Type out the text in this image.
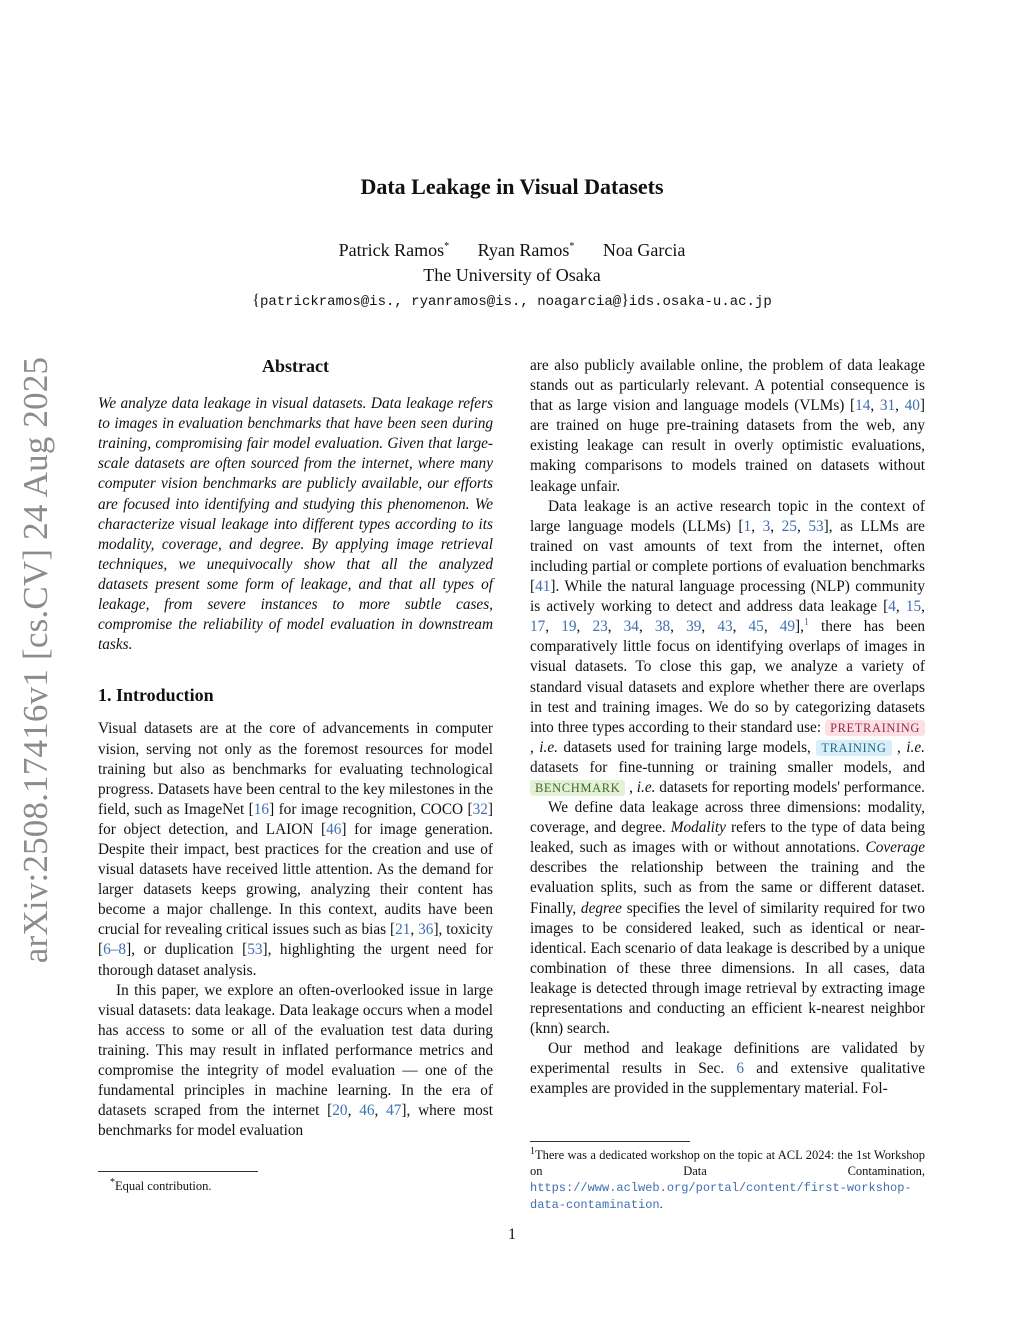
arXiv:2508.17416v1 [cs.CV] 24 Aug 2025
Data Leakage in Visual Datasets
Patrick Ramos* Ryan Ramos* Noa Garcia
The University of Osaka
{patrickramos@is., ryanramos@is., noagarcia@}ids.osaka-u.ac.jp
Abstract

We analyze data leakage in visual datasets. Data leakage refers to images in evaluation benchmarks that have been seen during training, compromising fair model evaluation. Given that large-scale datasets are often sourced from the internet, where many computer vision benchmarks are publicly available, our efforts are focused into identifying and studying this phenomenon. We characterize visual leakage into different types according to its modality, coverage, and degree. By applying image retrieval techniques, we unequivocally show that all the analyzed datasets present some form of leakage, and that all types of leakage, from severe instances to more subtle cases, compromise the reliability of model evaluation in downstream tasks.

1. Introduction

Visual datasets are at the core of advancements in computer vision, serving not only as the foremost resources for model training but also as benchmarks for evaluating technological progress. Datasets have been central to the key milestones in the field, such as ImageNet [16] for image recognition, COCO [32] for object detection, and LAION [46] for image generation. Despite their impact, best practices for the creation and use of visual datasets have received little attention. As the demand for larger datasets keeps growing, analyzing their content has become a major challenge. In this context, audits have been crucial for revealing critical issues such as bias [21, 36], toxicity [6–8], or duplication [53], highlighting the urgent need for thorough dataset analysis.

In this paper, we explore an often-overlooked issue in large visual datasets: data leakage. Data leakage occurs when a model has access to some or all of the evaluation test data during training. This may result in inflated performance metrics and compromise the integrity of model evaluation — one of the fundamental principles in machine learning. In the era of datasets scraped from the internet [20, 46, 47], where most benchmarks for model evaluation

*Equal contribution.

are also publicly available online, the problem of data leakage stands out as particularly relevant. A potential consequence is that as large vision and language models (VLMs) [14, 31, 40] are trained on huge pre-training datasets from the web, any existing leakage can result in overly optimistic evaluations, making comparisons to models trained on datasets without leakage unfair.

Data leakage is an active research topic in the context of large language models (LLMs) [1, 3, 25, 53], as LLMs are trained on vast amounts of text from the internet, often including partial or complete portions of evaluation benchmarks [41]. While the natural language processing (NLP) community is actively working to detect and address data leakage [4, 15, 17, 19, 23, 34, 38, 39, 43, 45, 49],$^1$ there has been comparatively little focus on identifying overlaps of images in visual datasets. To close this gap, we analyze a variety of standard visual datasets and explore whether there are overlaps in test and training images. We do so by categorizing datasets into three types according to their standard use: PRETRAINING , i.e. datasets used for training large models, TRAINING , i.e. datasets for fine-tunning or training smaller models, and BENCHMARK , i.e. datasets for reporting models' performance.

We define data leakage across three dimensions: modality, coverage, and degree. Modality refers to the type of data being leaked, such as images with or without annotations. Coverage describes the relationship between the training and the evaluation splits, such as from the same or different dataset. Finally, degree specifies the level of similarity required for two images to be considered leaked, such as identical or near-identical. Each scenario of data leakage is described by a unique combination of these three dimensions. In all cases, data leakage is detected through image retrieval by extracting image representations and conducting an efficient k-nearest neighbor (knn) search.

Our method and leakage definitions are validated by experimental results in Sec. 6 and extensive qualitative examples are provided in the supplementary material. Fol-

$^1$There was a dedicated workshop on the topic at ACL 2024: the 1st Workshop on Data Contamination, https://www.aclweb.org/portal/content/first-workshop-data-contamination.
1
